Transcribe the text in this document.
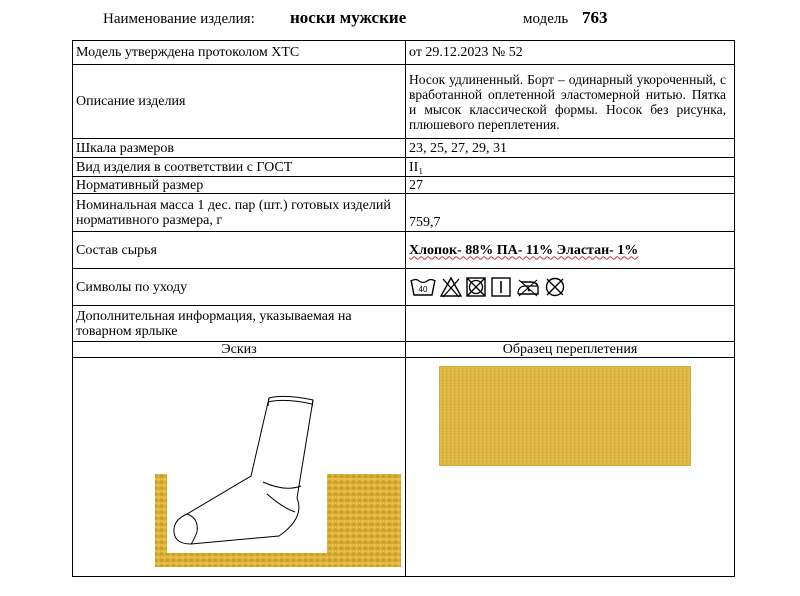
Наименование изделия: носки мужские	модель 763
Модель утверждена протоколом ХТС	от 29.12.2023 № 52
Описание изделия	Носок удлиненный. Борт – одинарный укороченный, с вработанной оплетенной эластомерной нитью. Пятка и мысок классической формы. Носок без рисунка, плюшевого переплетения.
Шкала размеров	23, 25, 27, 29, 31
Вид изделия в соответствии с ГОСТ	II₁
Нормативный размер	27
Номинальная масса 1 дес. пар (шт.) готовых изделий нормативного размера, г	759,7
Состав сырья	Хлопок- 88% ПА- 11% Эластан- 1%
Символы по уходу	40

Дополнительная информация, указываемая на товарном ярлыке	
Эскиз	Образец переплетения
